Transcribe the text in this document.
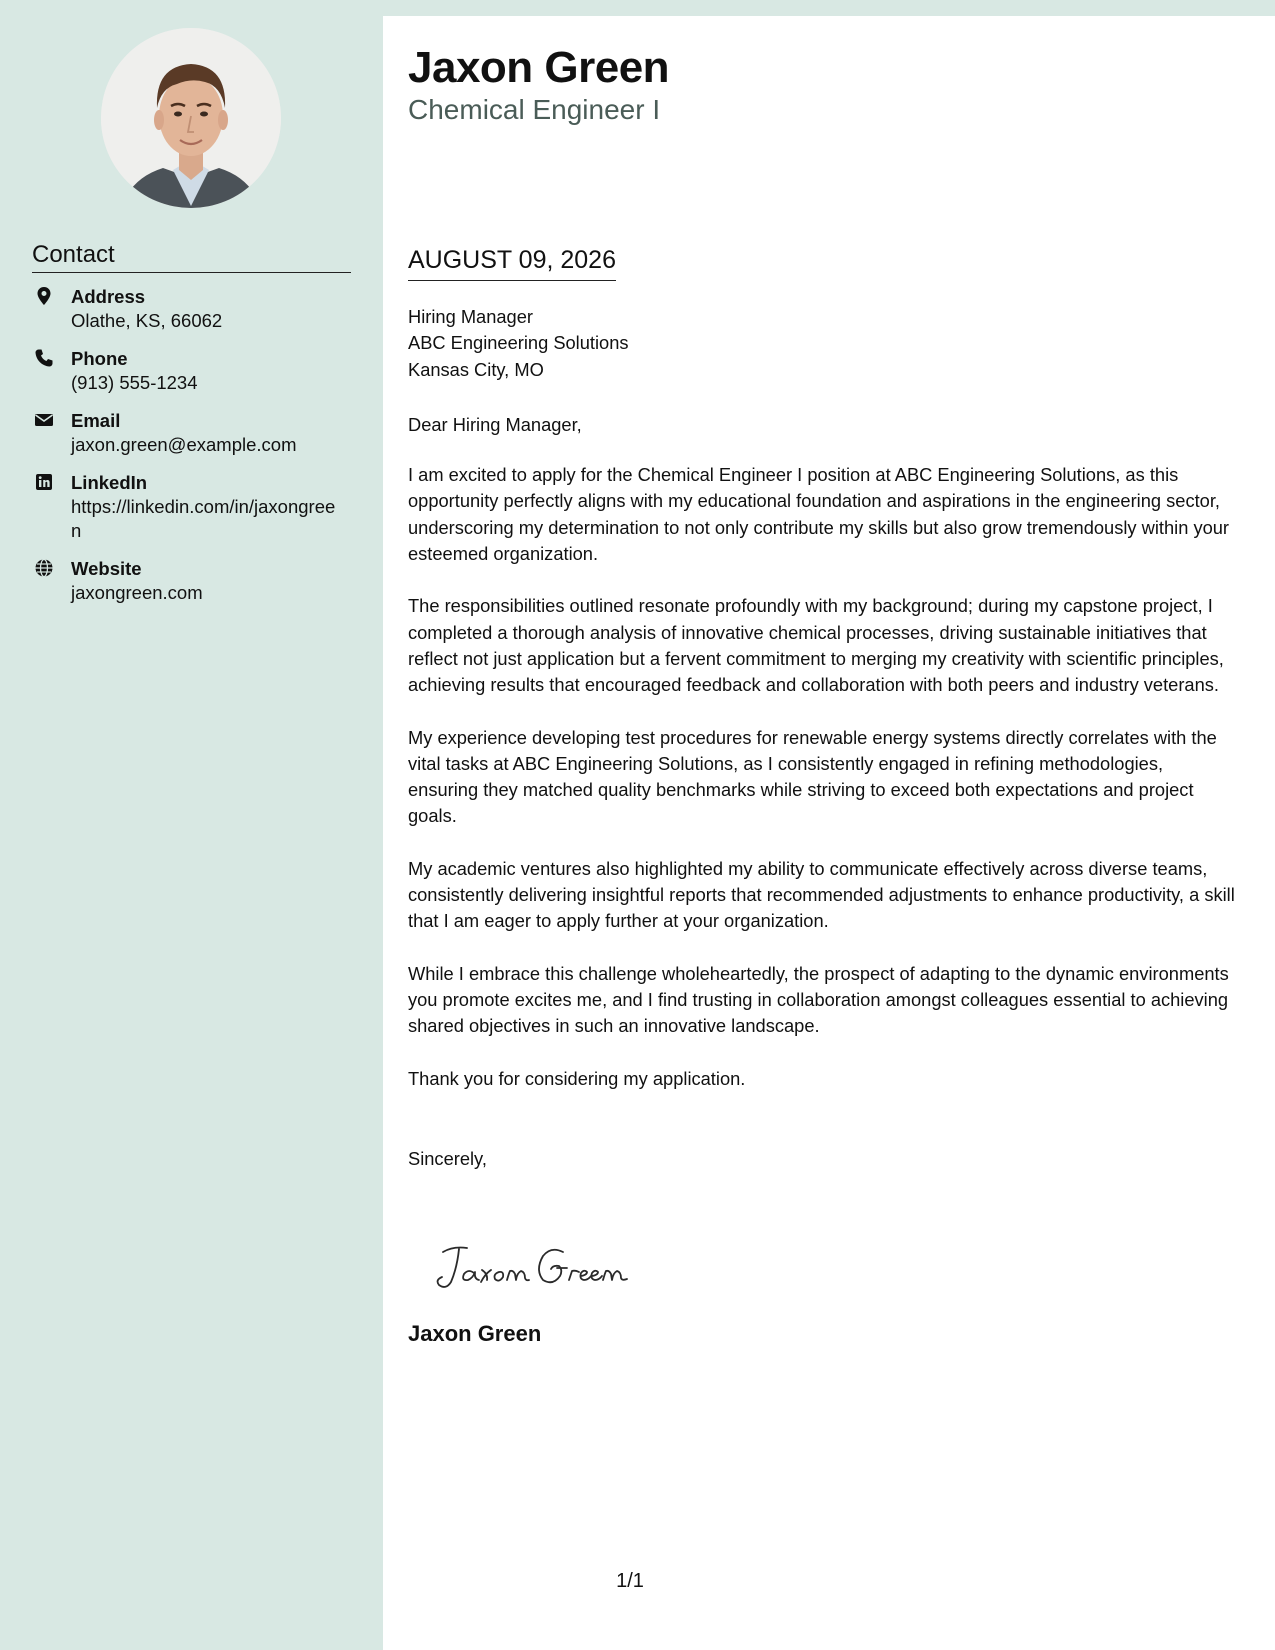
Contact
Address
Olathe, KS, 66062
Phone
(913) 555-1234
Email
jaxon.green@example.com
LinkedIn
https://linkedin.com/in/jaxongreen
Website
jaxongreen.com
Jaxon Green
Chemical Engineer I
AUGUST 09, 2026
Hiring Manager
ABC Engineering Solutions
Kansas City, MO

Dear Hiring Manager,

I am excited to apply for the Chemical Engineer I position at ABC Engineering Solutions, as this opportunity perfectly aligns with my educational foundation and aspirations in the engineering sector, underscoring my determination to not only contribute my skills but also grow tremendously within your esteemed organization.

The responsibilities outlined resonate profoundly with my background; during my capstone project, I completed a thorough analysis of innovative chemical processes, driving sustainable initiatives that reflect not just application but a fervent commitment to merging my creativity with scientific principles, achieving results that encouraged feedback and collaboration with both peers and industry veterans.

My experience developing test procedures for renewable energy systems directly correlates with the vital tasks at ABC Engineering Solutions, as I consistently engaged in refining methodologies, ensuring they matched quality benchmarks while striving to exceed both expectations and project goals.

My academic ventures also highlighted my ability to communicate effectively across diverse teams, consistently delivering insightful reports that recommended adjustments to enhance productivity, a skill that I am eager to apply further at your organization.

While I embrace this challenge wholeheartedly, the prospect of adapting to the dynamic environments you promote excites me, and I find trusting in collaboration amongst colleagues essential to achieving shared objectives in such an innovative landscape.

Thank you for considering my application.

Sincerely,

Jaxon Green
1/1
